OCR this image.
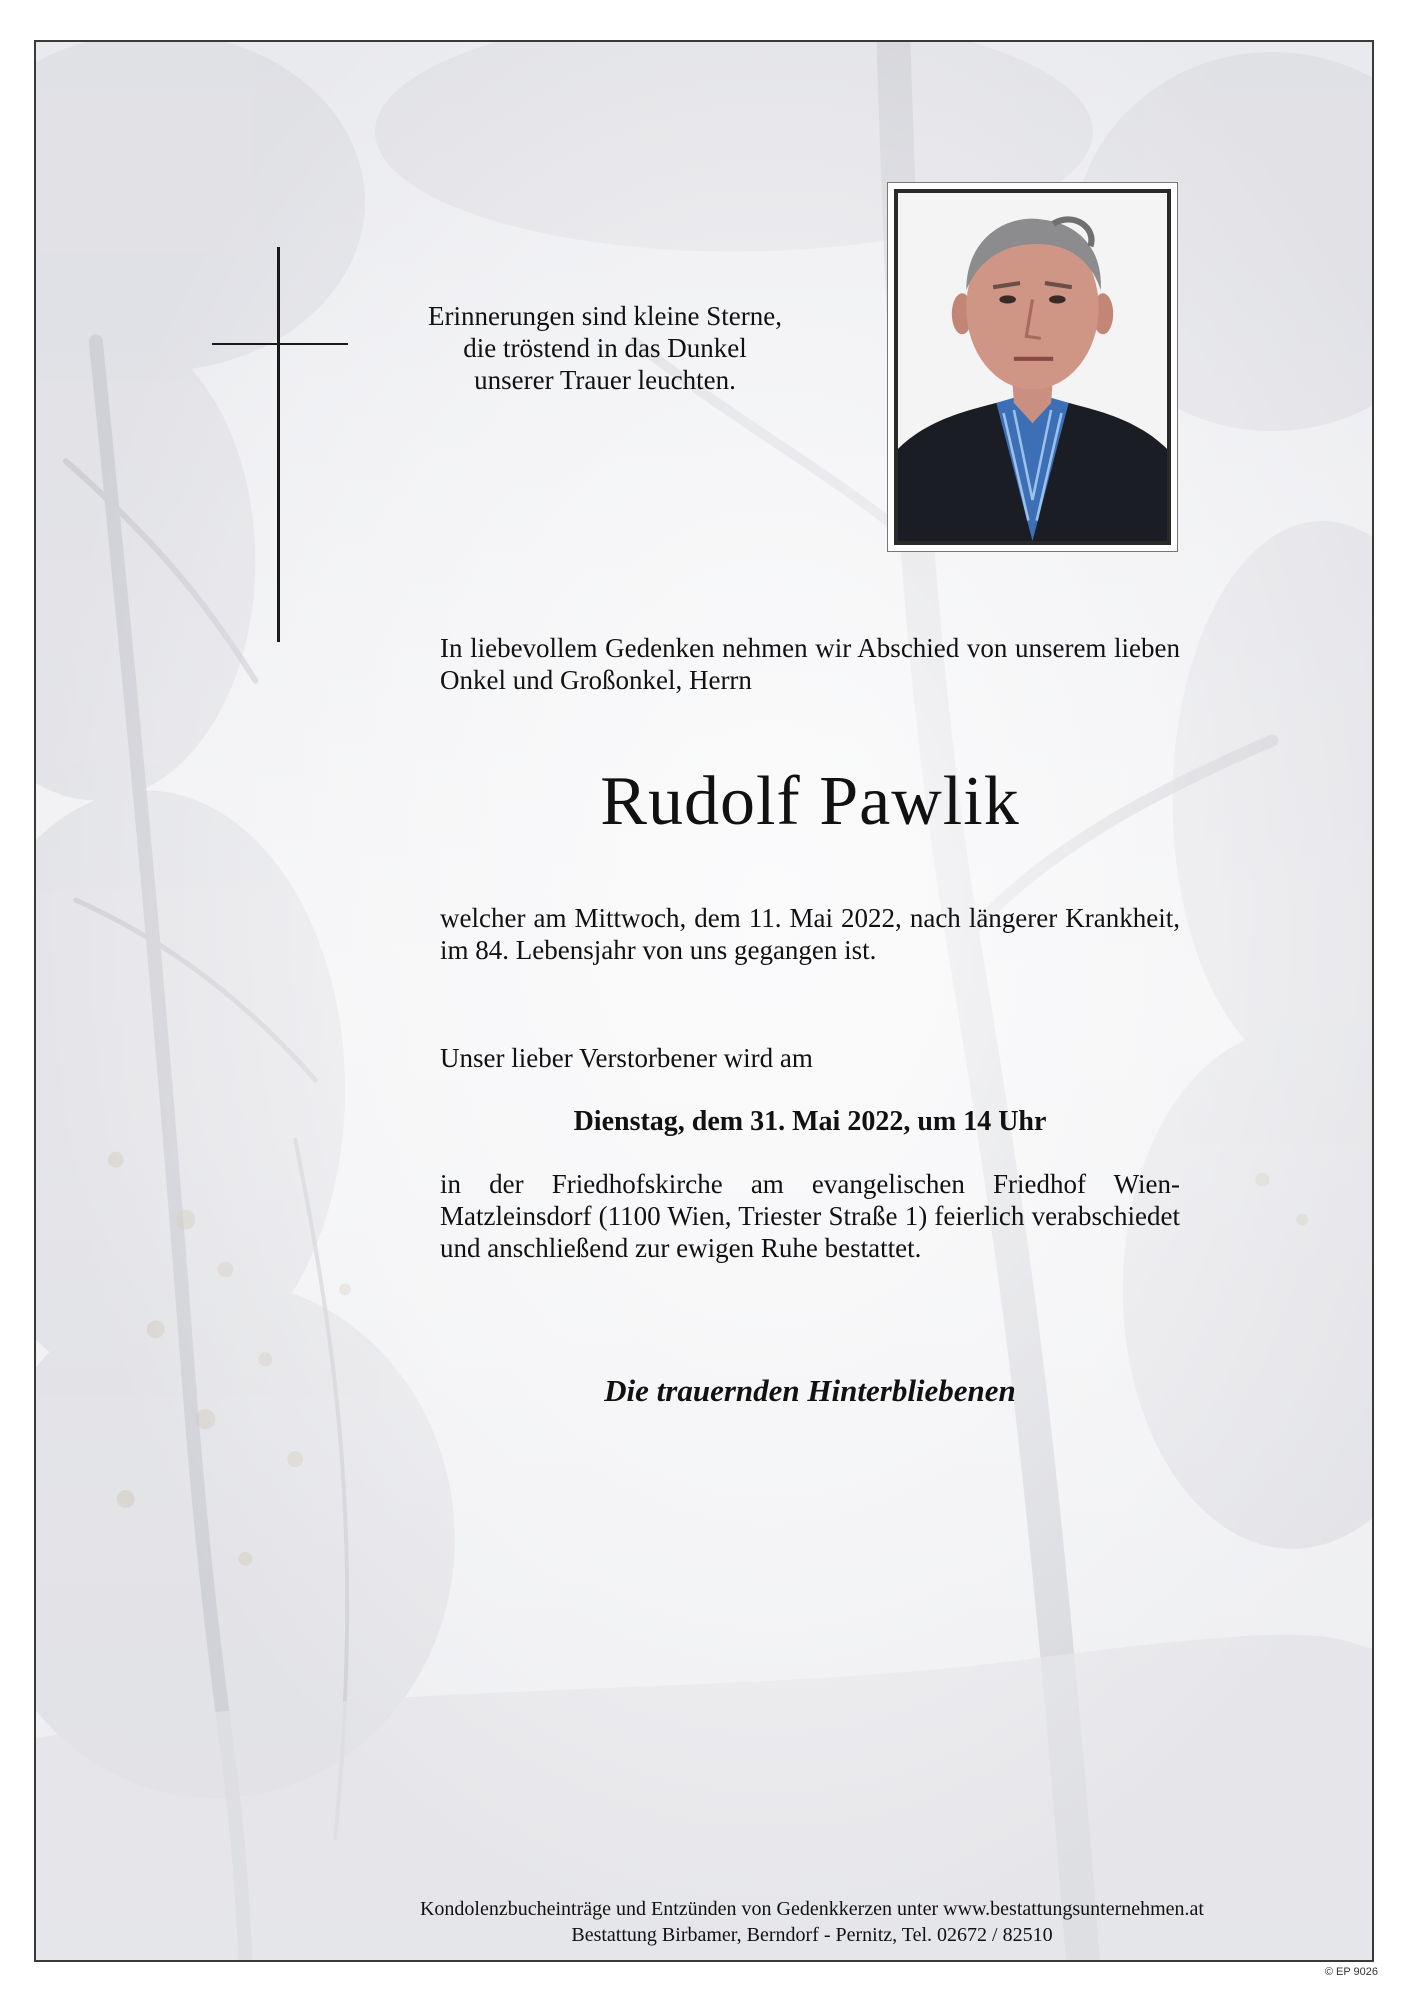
Erinnerungen sind kleine Sterne,
die tröstend in das Dunkel
unserer Trauer leuchten.
In liebevollem Gedenken nehmen wir Abschied von unserem lieben Onkel und Großonkel, Herrn
Rudolf Pawlik
welcher am Mittwoch, dem 11. Mai 2022, nach längerer Krankheit, im 84. Lebensjahr von uns gegangen ist.
Unser lieber Verstorbener wird am
Dienstag, dem 31. Mai 2022, um 14 Uhr
in der Friedhofskirche am evangelischen Friedhof Wien-Matzleinsdorf (1100 Wien, Triester Straße 1) feierlich verabschiedet und anschließend zur ewigen Ruhe bestattet.
Die trauernden Hinterbliebenen
Kondolenzbucheinträge und Entzünden von Gedenkkerzen unter www.bestattungsunternehmen.at
Bestattung Birbamer, Berndorf - Pernitz, Tel. 02672 / 82510
© EP 9026
